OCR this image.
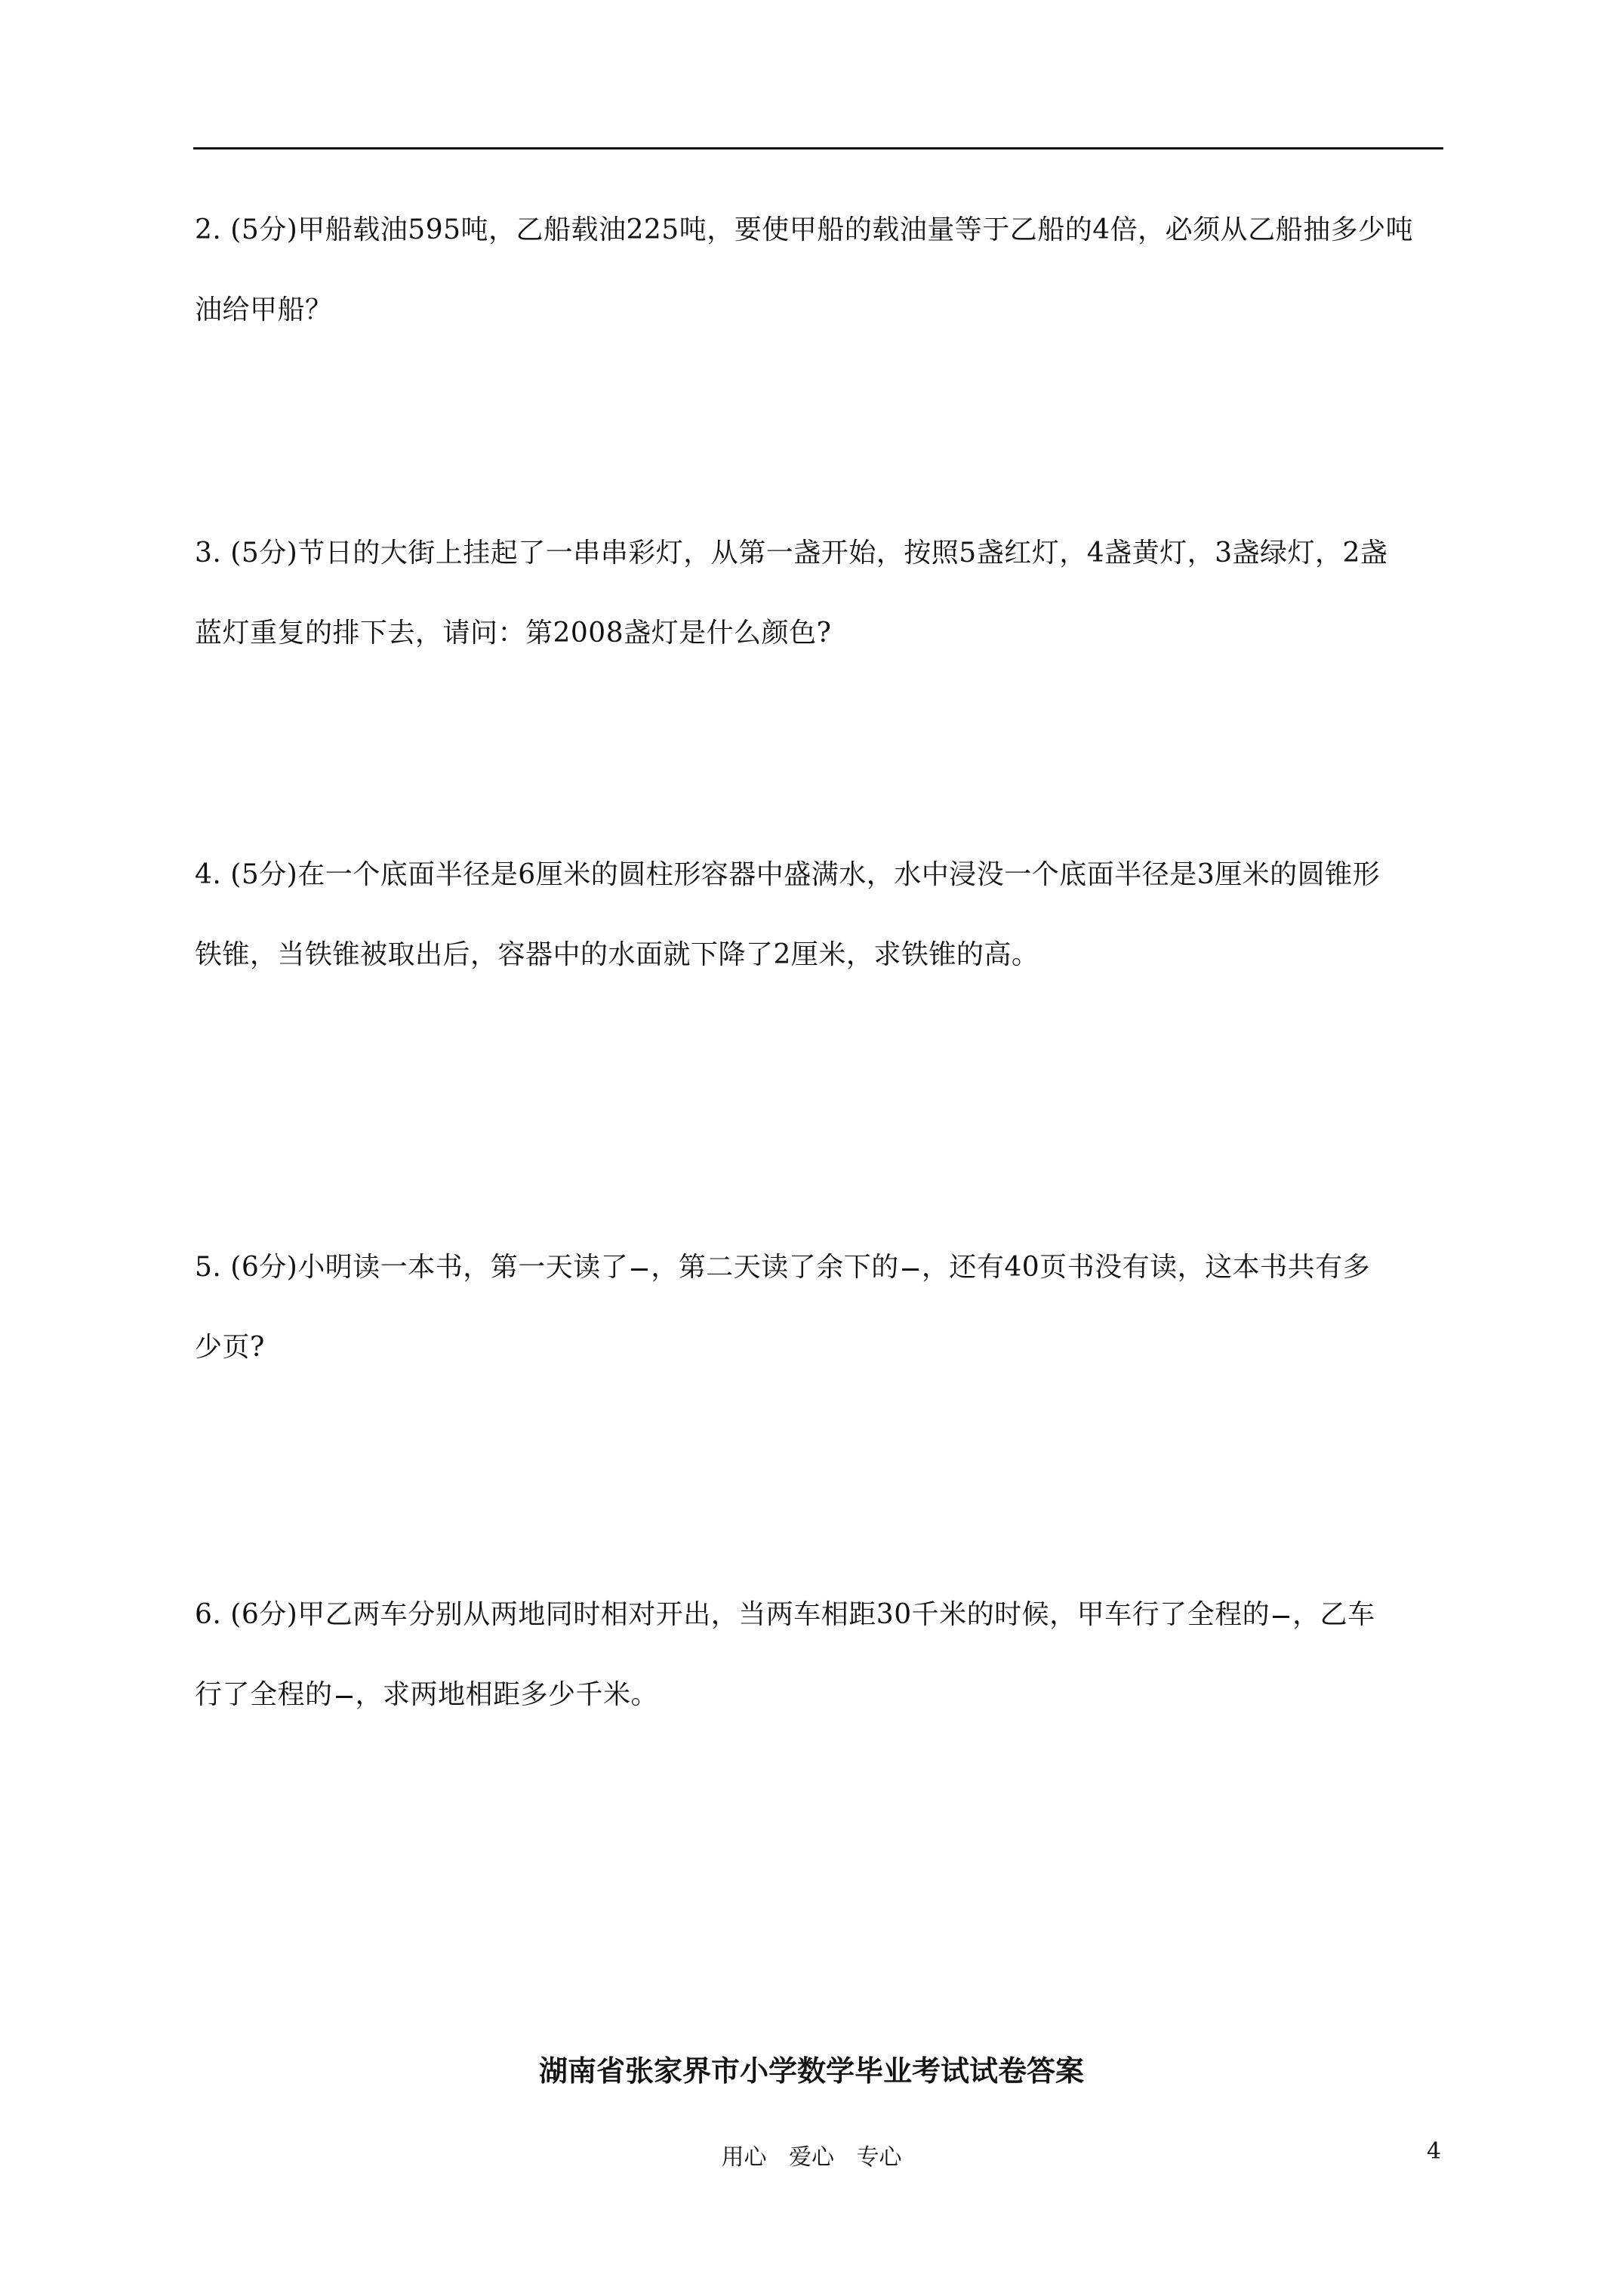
2. (5分)甲船载油595吨，乙船载油225吨，要使甲船的载油量等于乙船的4倍，必须从乙船抽多少吨
油给甲船？
3. (5分)节日的大街上挂起了一串串彩灯，从第一盏开始，按照5盏红灯，4盏黄灯，3盏绿灯，2盏
蓝灯重复的排下去，请问：第2008盏灯是什么颜色?
4. (5分)在一个底面半径是6厘米的圆柱形容器中盛满水，水中浸没一个底面半径是3厘米的圆锥形
铁锥，当铁锥被取出后，容器中的水面就下降了2厘米，求铁锥的高。
5. (6分)小明读一本书，第一天读了 ，第二天读了余下的 ，还有40页书没有读，这本书共有多
少页?
6. (6分)甲乙两车分别从两地同时相对开出，当两车相距30千米的时候，甲车行了全程的 ，乙车
行了全程的 ，求两地相距多少千米。
湖南省张家界市小学数学毕业考试试卷答案
用心 爱心 专心	4
